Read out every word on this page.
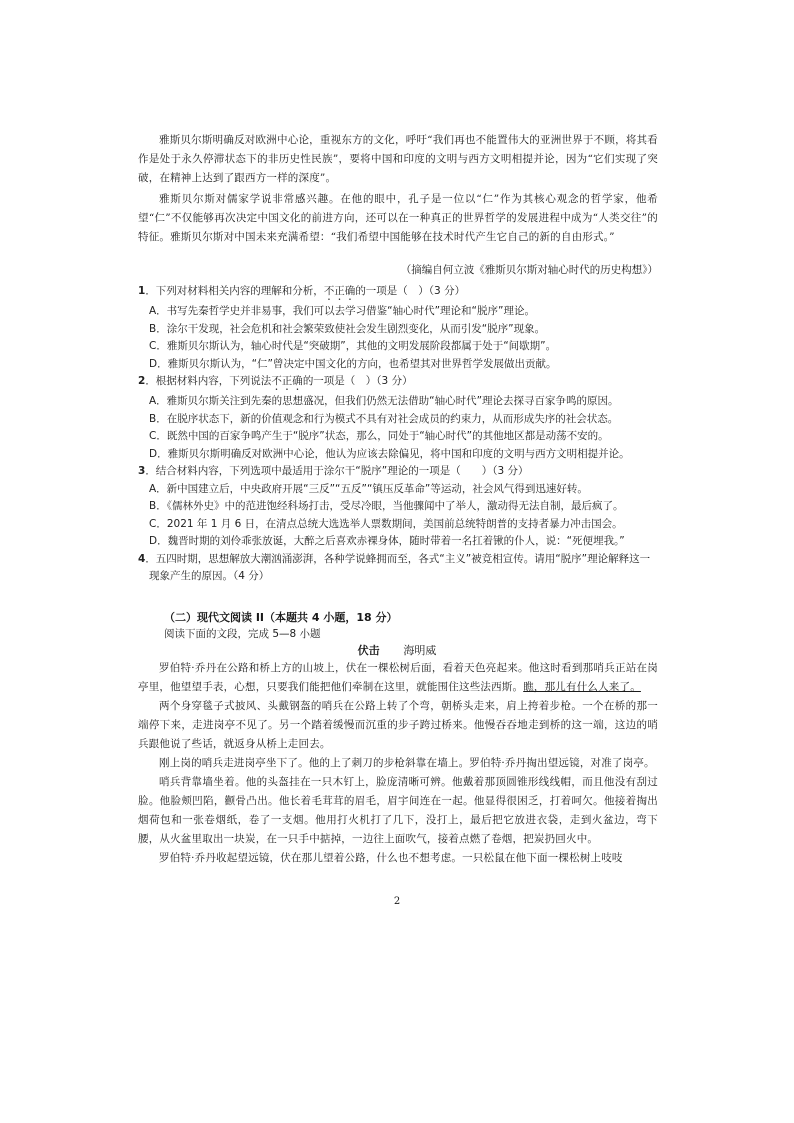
雅斯贝尔斯明确反对欧洲中心论，重视东方的文化，呼吁“我们再也不能置伟大的亚洲世界于不顾，将其看作是处于永久停滞状态下的非历史性民族”，要将中国和印度的文明与西方文明相提并论，因为“它们实现了突破，在精神上达到了跟西方一样的深度”。

雅斯贝尔斯对儒家学说非常感兴趣。在他的眼中，孔子是一位以“仁”作为其核心观念的哲学家，他希望“仁”不仅能够再次决定中国文化的前进方向，还可以在一种真正的世界哲学的发展进程中成为“人类交往”的特征。雅斯贝尔斯对中国未来充满希望：“我们希望中国能够在技术时代产生它自己的新的自由形式。”

（摘编自何立波《雅斯贝尔斯对轴心时代的历史构想》）

1．下列对材料相关内容的理解和分析，不正确的一项是（　）（3 分）

A．书写先秦哲学史并非易事，我们可以去学习借鉴“轴心时代”理论和“脱序”理论。

B．涂尔干发现，社会危机和社会繁荣致使社会发生剧烈变化，从而引发“脱序”现象。

C．雅斯贝尔斯认为，轴心时代是“突破期”，其他的文明发展阶段都属于处于“间歇期”。

D．雅斯贝尔斯认为，“仁”曾决定中国文化的方向，也希望其对世界哲学发展做出贡献。

2．根据材料内容，下列说法不正确的一项是（　）（3 分）

A．雅斯贝尔斯关注到先秦的思想盛况，但我们仍然无法借助“轴心时代”理论去探寻百家争鸣的原因。

B．在脱序状态下，新的价值观念和行为模式不具有对社会成员的约束力，从而形成失序的社会状态。

C．既然中国的百家争鸣产生于“脱序”状态，那么，同处于“轴心时代”的其他地区都是动荡不安的。

D．雅斯贝尔斯明确反对欧洲中心论，他认为应该去除偏见，将中国和印度的文明与西方文明相提并论。

3．结合材料内容，下列选项中最适用于涂尔干“脱序”理论的一项是（　　）（3 分）

A．新中国建立后，中央政府开展“三反”“五反”“镇压反革命”等运动，社会风气得到迅速好转。

B．《儒林外史》中的范进饱经科场打击，受尽冷眼，当他骤闻中了举人，激动得无法自制，最后疯了。

C．2021 年 1 月 6 日，在清点总统大选选举人票数期间，美国前总统特朗普的支持者暴力冲击国会。

D．魏晋时期的刘伶乖张放诞，大醉之后喜欢赤裸身体，随时带着一名扛着锹的仆人，说：“死便埋我。”

4．五四时期，思想解放大潮汹涌澎湃，各种学说蜂拥而至，各式“主义”被竞相宣传。请用“脱序”理论解释这一现象产生的原因。（4 分）

（二）现代文阅读 II（本题共 4 小题，18 分）
阅读下面的文段，完成 5—8 小题
伏击 海明威

罗伯特·乔丹在公路和桥上方的山坡上，伏在一棵松树后面，看着天色亮起来。他这时看到那哨兵正站在岗亭里，他望望手表，心想，只要我们能把他们牵制在这里，就能围住这些法西斯。瞧，那儿有什么人来了。

两个身穿毯子式披风、头戴钢盔的哨兵在公路上转了个弯，朝桥头走来，肩上挎着步枪。一个在桥的那一端停下来，走进岗亭不见了。另一个踏着缓慢而沉重的步子跨过桥来。他慢吞吞地走到桥的这一端，这边的哨兵跟他说了些话，就返身从桥上走回去。

刚上岗的哨兵走进岗亭坐下了。他的上了刺刀的步枪斜靠在墙上。罗伯特·乔丹掏出望远镜，对准了岗亭。

哨兵背靠墙坐着。他的头盔挂在一只木钉上，脸庞清晰可辨。他戴着那顶圆锥形线线帽，而且他没有刮过脸。他脸颊凹陷，颧骨凸出。他长着毛茸茸的眉毛，眉宇间连在一起。他显得很困乏，打着呵欠。他接着掏出烟荷包和一张卷烟纸，卷了一支烟。他用打火机打了几下，没打上，最后把它放进衣袋，走到火盆边，弯下腰，从火盆里取出一块炭，在一只手中掂掉，一边往上面吹气，接着点燃了卷烟，把炭扔回火中。

罗伯特·乔丹收起望远镜，伏在那儿望着公路，什么也不想考虑。一只松鼠在他下面一棵松树上吱吱

2
